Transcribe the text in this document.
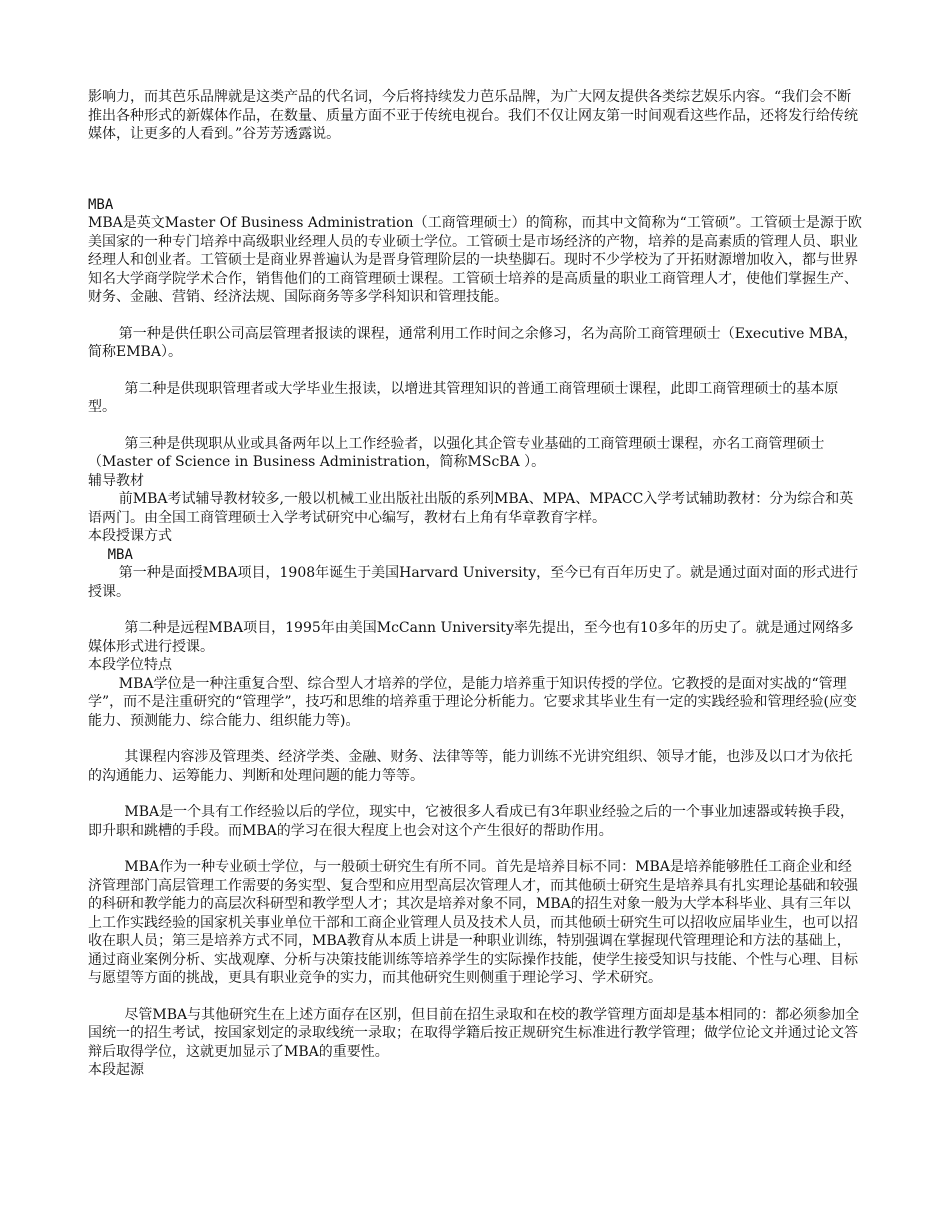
影响力，而其芭乐品牌就是这类产品的代名词，今后将持续发力芭乐品牌，为广大网友提供各类综艺娱乐内容。“我们会不断推出各种形式的新媒体作品，在数量、质量方面不亚于传统电视台。我们不仅让网友第一时间观看这些作品，还将发行给传统媒体，让更多的人看到。”谷芳芳透露说。

MBA

MBA是英文Master Of Business Administration（工商管理硕士）的简称，而其中文简称为“工管硕”。工管硕士是源于欧美国家的一种专门培养中高级职业经理人员的专业硕士学位。工管硕士是市场经济的产物，培养的是高素质的管理人员、职业经理人和创业者。工管硕士是商业界普遍认为是晋身管理阶层的一块垫脚石。现时不少学校为了开拓财源增加收入，都与世界知名大学商学院学术合作，销售他们的工商管理硕士课程。工管硕士培养的是高质量的职业工商管理人才，使他们掌握生产、财务、金融、营销、经济法规、国际商务等多学科知识和管理技能。

第一种是供任职公司高层管理者报读的课程，通常利用工作时间之余修习，名为高阶工商管理硕士（Executive MBA，简称EMBA）。

第二种是供现职管理者或大学毕业生报读，以增进其管理知识的普通工商管理硕士课程，此即工商管理硕士的基本原型。

第三种是供现职从业或具备两年以上工作经验者，以强化其企管专业基础的工商管理硕士课程，亦名工商管理硕士（Master of Science in Business Administration，简称MScBA ）。

辅导教材

前MBA考试辅导教材较多,一般以机械工业出版社出版的系列MBA、MPA、MPACC入学考试辅助教材：分为综合和英语两门。由全国工商管理硕士入学考试研究中心编写，教材右上角有华章教育字样。

本段授课方式

MBA

第一种是面授MBA项目，1908年诞生于美国Harvard University，至今已有百年历史了。就是通过面对面的形式进行授课。

第二种是远程MBA项目，1995年由美国McCann University率先提出，至今也有10多年的历史了。就是通过网络多媒体形式进行授课。

本段学位特点

MBA学位是一种注重复合型、综合型人才培养的学位，是能力培养重于知识传授的学位。它教授的是面对实战的“管理学”，而不是注重研究的“管理学”，技巧和思维的培养重于理论分析能力。它要求其毕业生有一定的实践经验和管理经验(应变能力、预测能力、综合能力、组织能力等)。

其课程内容涉及管理类、经济学类、金融、财务、法律等等，能力训练不光讲究组织、领导才能，也涉及以口才为依托的沟通能力、运筹能力、判断和处理问题的能力等等。

MBA是一个具有工作经验以后的学位，现实中，它被很多人看成已有3年职业经验之后的一个事业加速器或转换手段，即升职和跳槽的手段。而MBA的学习在很大程度上也会对这个产生很好的帮助作用。

MBA作为一种专业硕士学位，与一般硕士研究生有所不同。首先是培养目标不同：MBA是培养能够胜任工商企业和经济管理部门高层管理工作需要的务实型、复合型和应用型高层次管理人才，而其他硕士研究生是培养具有扎实理论基础和较强的科研和教学能力的高层次科研型和教学型人才；其次是培养对象不同，MBA的招生对象一般为大学本科毕业、具有三年以上工作实践经验的国家机关事业单位干部和工商企业管理人员及技术人员，而其他硕士研究生可以招收应届毕业生，也可以招收在职人员；第三是培养方式不同，MBA教育从本质上讲是一种职业训练，特别强调在掌握现代管理理论和方法的基础上，通过商业案例分析、实战观摩、分析与决策技能训练等培养学生的实际操作技能，使学生接受知识与技能、个性与心理、目标与愿望等方面的挑战，更具有职业竞争的实力，而其他研究生则侧重于理论学习、学术研究。

尽管MBA与其他研究生在上述方面存在区别，但目前在招生录取和在校的教学管理方面却是基本相同的：都必须参加全国统一的招生考试，按国家划定的录取线统一录取；在取得学籍后按正规研究生标准进行教学管理；做学位论文并通过论文答辩后取得学位，这就更加显示了MBA的重要性。

本段起源
